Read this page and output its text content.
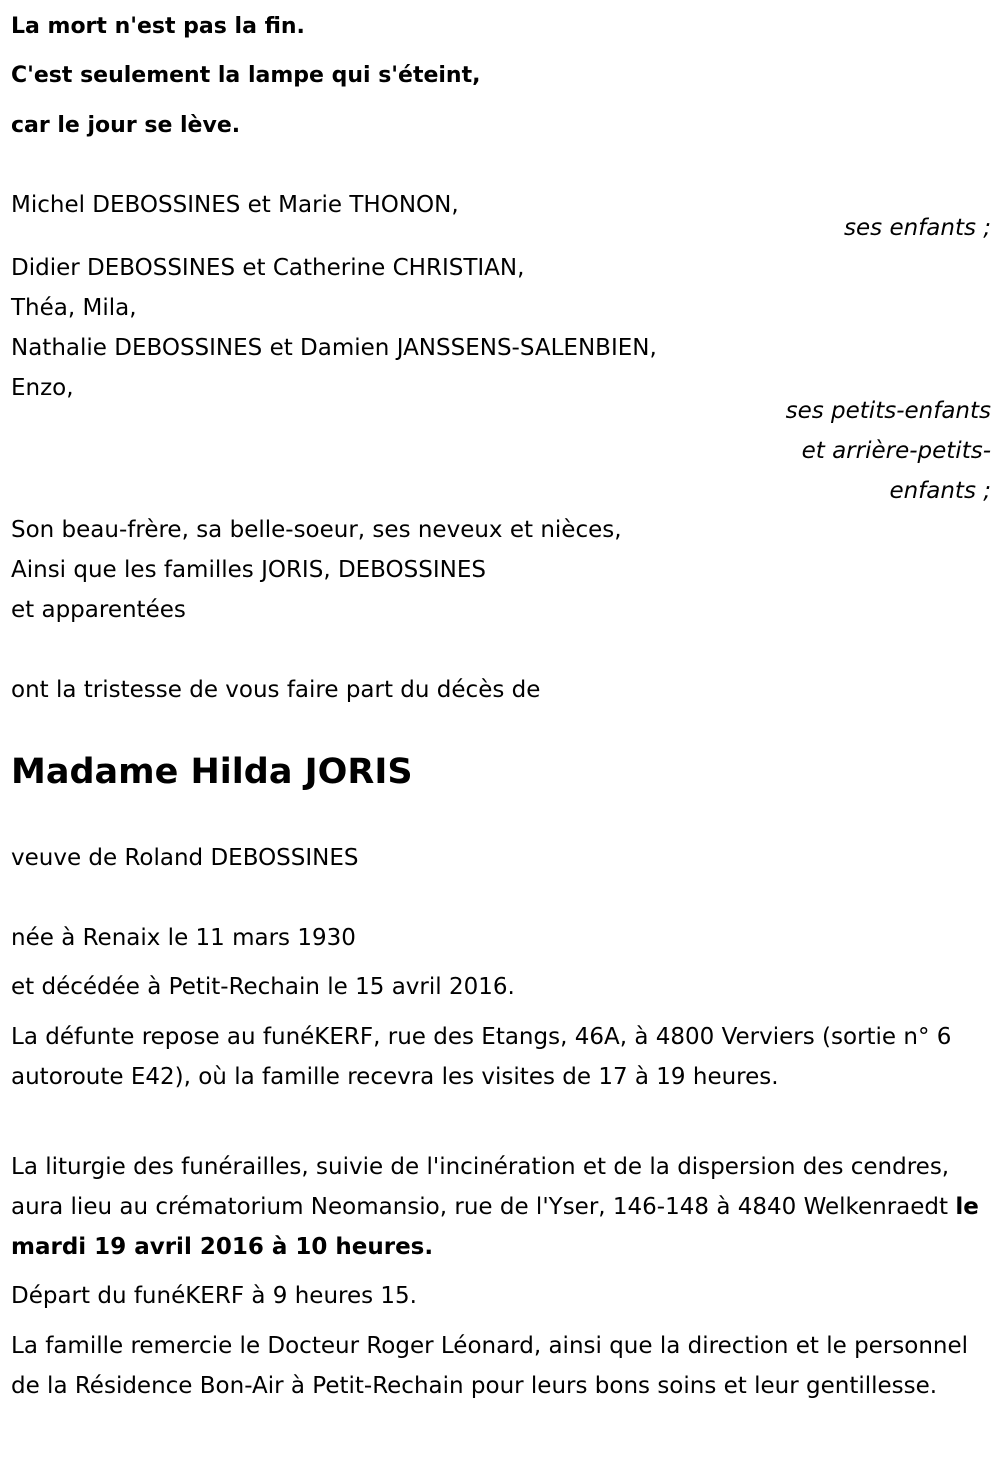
La mort n'est pas la fin.
C'est seulement la lampe qui s'éteint,
car le jour se lève.
Michel DEBOSSINES et Marie THONON,
ses enfants ;
Didier DEBOSSINES et Catherine CHRISTIAN,
Théa, Mila,
Nathalie DEBOSSINES et Damien JANSSENS-SALENBIEN,
Enzo,
ses petits-enfants
et arrière-petits-
enfants ;
Son beau-frère, sa belle-soeur, ses neveux et nièces,
Ainsi que les familles JORIS, DEBOSSINES
et apparentées
ont la tristesse de vous faire part du décès de
Madame Hilda JORIS
veuve de Roland DEBOSSINES
née à Renaix le 11 mars 1930
et décédée à Petit-Rechain le 15 avril 2016.
La défunte repose au funéKERF, rue des Etangs, 46A, à 4800 Verviers (sortie n° 6 autoroute E42), où la famille recevra les visites de 17 à 19 heures.
La liturgie des funérailles, suivie de l'incinération et de la dispersion des cendres, aura lieu au crématorium Neomansio, rue de l'Yser, 146-148 à 4840 Welkenraedt le mardi 19 avril 2016 à 10 heures.
Départ du funéKERF à 9 heures 15.
La famille remercie le Docteur Roger Léonard, ainsi que la direction et le personnel de la Résidence Bon-Air à Petit-Rechain pour leurs bons soins et leur gentillesse.
